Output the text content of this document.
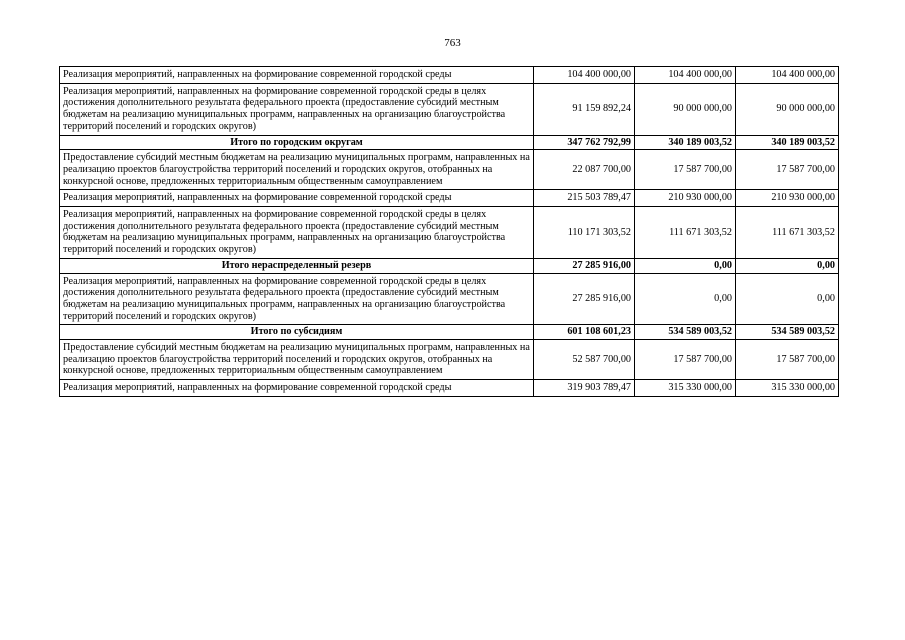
763
Реализация мероприятий, направленных на формирование современной городской среды	104 400 000,00	104 400 000,00	104 400 000,00
Реализация мероприятий, направленных на формирование современной городской среды в целях достижения дополнительного результата федерального проекта (предоставление субсидий местным бюджетам на реализацию муниципальных программ, направленных на организацию благоустройства территорий поселений и городских округов)	91 159 892,24	90 000 000,00	90 000 000,00
Итого по городским округам	347 762 792,99	340 189 003,52	340 189 003,52
Предоставление субсидий местным бюджетам на реализацию муниципальных программ, направленных на реализацию проектов благоустройства территорий поселений и городских округов, отобранных на конкурсной основе, предложенных территориальным общественным самоуправлением	22 087 700,00	17 587 700,00	17 587 700,00
Реализация мероприятий, направленных на формирование современной городской среды	215 503 789,47	210 930 000,00	210 930 000,00
Реализация мероприятий, направленных на формирование современной городской среды в целях достижения дополнительного результата федерального проекта (предоставление субсидий местным бюджетам на реализацию муниципальных программ, направленных на организацию благоустройства территорий поселений и городских округов)	110 171 303,52	111 671 303,52	111 671 303,52
Итого нераспределенный резерв	27 285 916,00	0,00	0,00
Реализация мероприятий, направленных на формирование современной городской среды в целях достижения дополнительного результата федерального проекта (предоставление субсидий местным бюджетам на реализацию муниципальных программ, направленных на организацию благоустройства территорий поселений и городских округов)	27 285 916,00	0,00	0,00
Итого по субсидиям	601 108 601,23	534 589 003,52	534 589 003,52
Предоставление субсидий местным бюджетам на реализацию муниципальных программ, направленных на реализацию проектов благоустройства территорий поселений и городских округов, отобранных на конкурсной основе, предложенных территориальным общественным самоуправлением	52 587 700,00	17 587 700,00	17 587 700,00
Реализация мероприятий, направленных на формирование современной городской среды	319 903 789,47	315 330 000,00	315 330 000,00
